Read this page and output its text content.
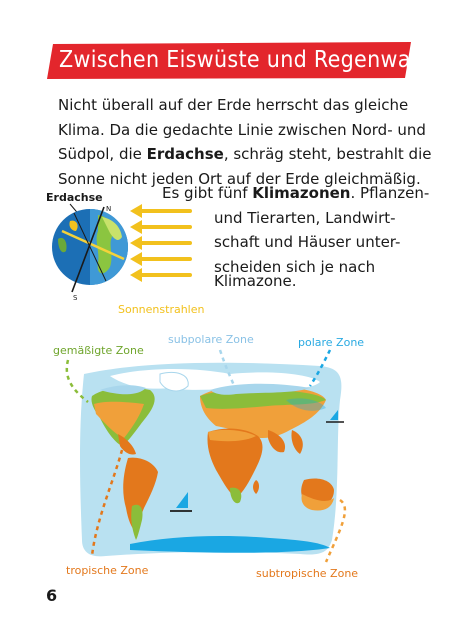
Zwischen Eiswüste und Regenwald
Nicht überall auf der Erde herrscht das gleiche
Klima. Da die gedachte Linie zwischen Nord- und
Südpol, die Erdachse, schräg steht, bestrahlt die
Sonne nicht jeden Ort auf der Erde gleichmäßig.
Es gibt fünf Klimazonen. Pflanzen-
und Tierarten, Landwirt-
schaft und Häuser unter-
scheiden sich je nach
Klimazone.
Erdachse
N
S
Sonnenstrahlen
gemäßigte Zone
subpolare Zone	polare Zone
tropische Zone	subtropische Zone
6
